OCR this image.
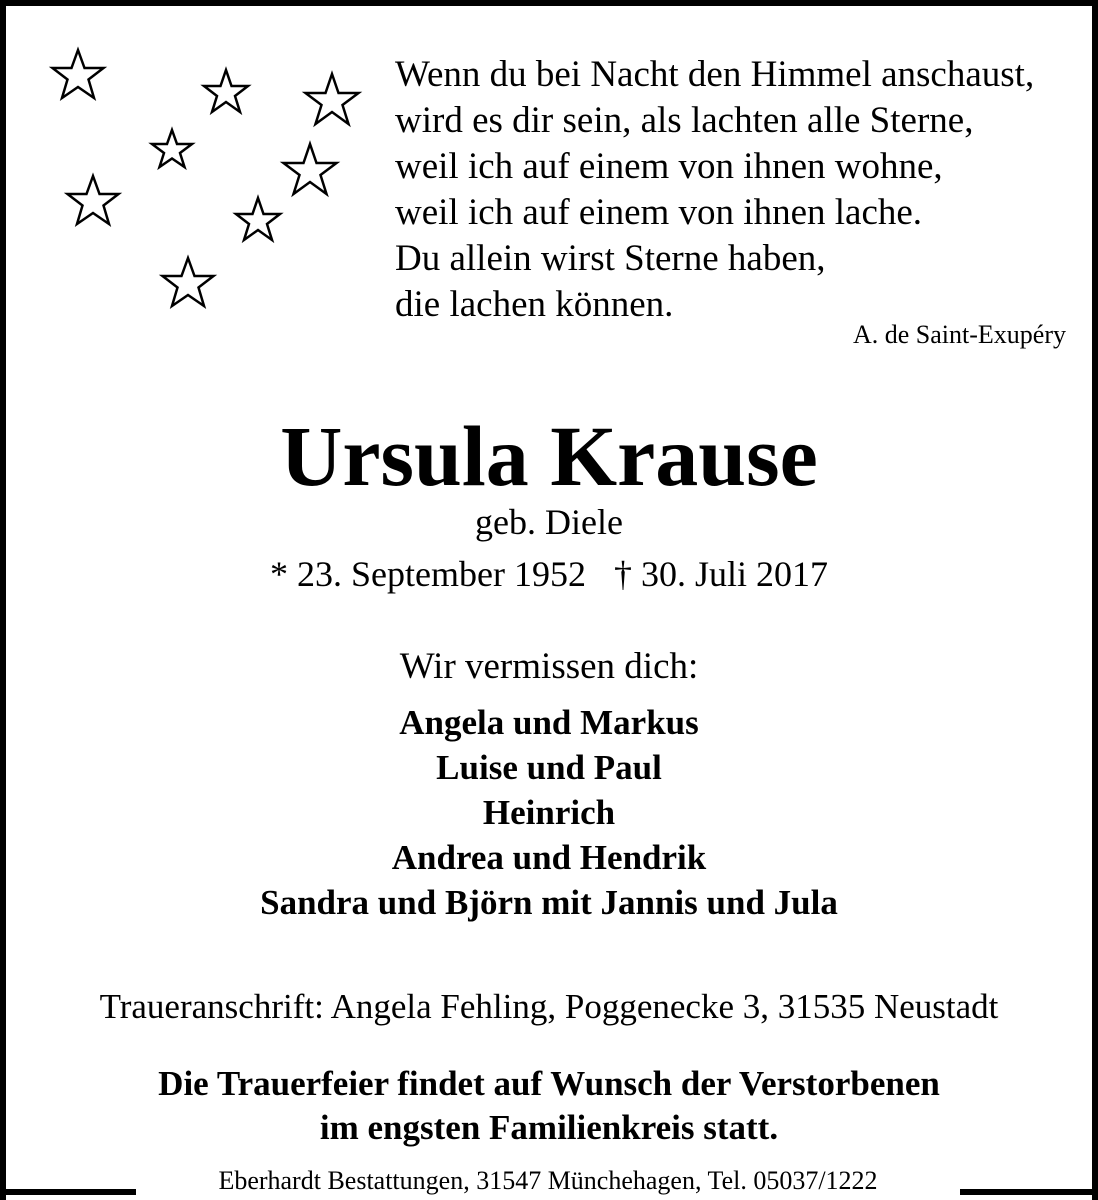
Wenn du bei Nacht den Himmel anschaust,
wird es dir sein, als lachten alle Sterne,
weil ich auf einem von ihnen wohne,
weil ich auf einem von ihnen lache.
Du allein wirst Sterne haben,
die lachen können.
A. de Saint-Exupéry
Ursula Krause
geb. Diele
* 23. September 1952 † 30. Juli 2017
Wir vermissen dich:
Angela und Markus
Luise und Paul
Heinrich
Andrea und Hendrik
Sandra und Björn mit Jannis und Jula
Traueranschrift: Angela Fehling, Poggenecke 3, 31535 Neustadt
Die Trauerfeier findet auf Wunsch der Verstorbenen
im engsten Familienkreis statt.
Eberhardt Bestattungen, 31547 Münchehagen, Tel. 05037/1222
